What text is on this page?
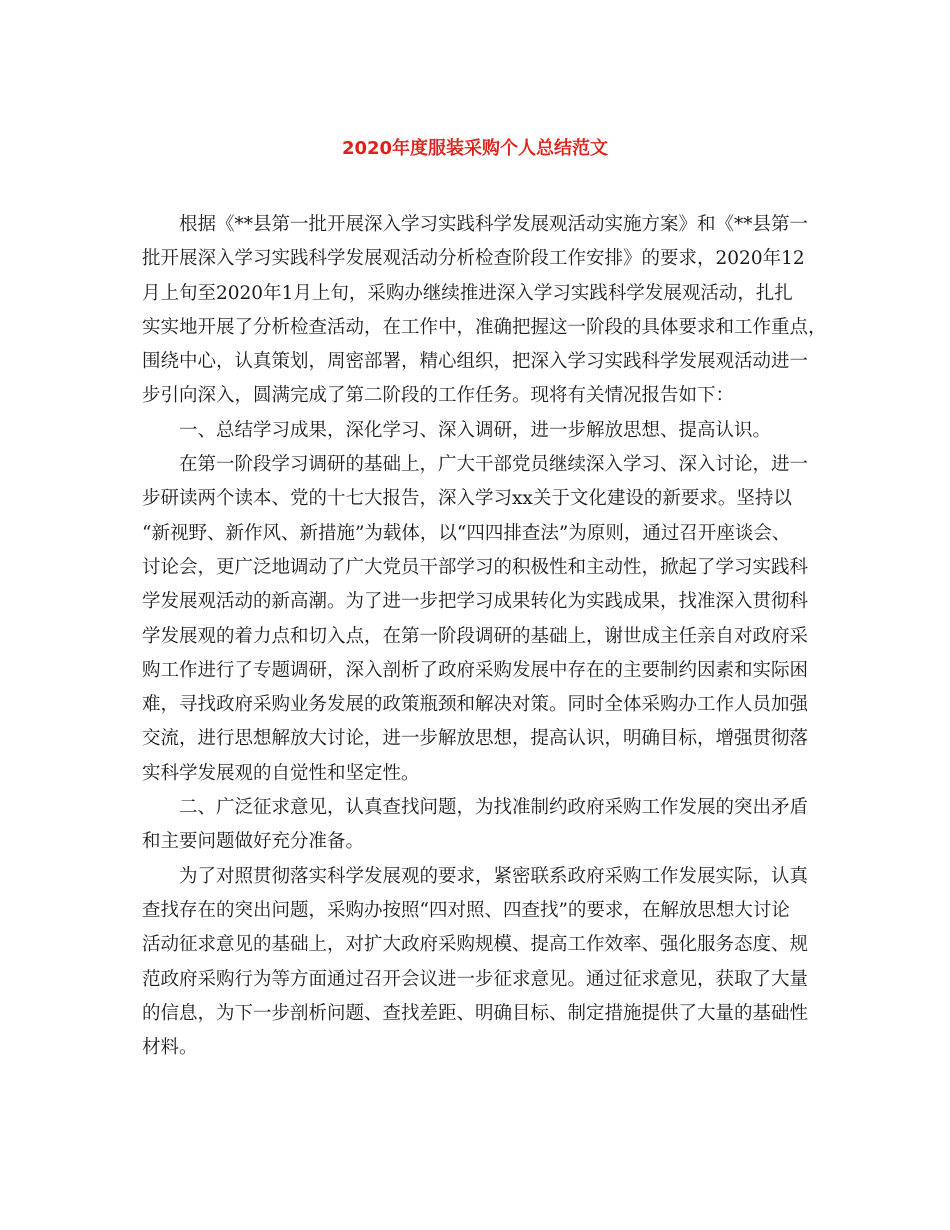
2020年度服装采购个人总结范文
根据《**县第一批开展深入学习实践科学发展观活动实施方案》和《**县第一
批开展深入学习实践科学发展观活动分析检查阶段工作安排》的要求，2020年12
月上旬至2020年1月上旬，采购办继续推进深入学习实践科学发展观活动，扎扎
实实地开展了分析检查活动，在工作中，准确把握这一阶段的具体要求和工作重点，
围绕中心，认真策划，周密部署，精心组织，把深入学习实践科学发展观活动进一
步引向深入，圆满完成了第二阶段的工作任务。现将有关情况报告如下：
一、总结学习成果，深化学习、深入调研，进一步解放思想、提高认识。
在第一阶段学习调研的基础上，广大干部党员继续深入学习、深入讨论，进一
步研读两个读本、党的十七大报告，深入学习xx关于文化建设的新要求。坚持以
“新视野、新作风、新措施”为载体，以“四四排查法”为原则，通过召开座谈会、
讨论会，更广泛地调动了广大党员干部学习的积极性和主动性，掀起了学习实践科
学发展观活动的新高潮。为了进一步把学习成果转化为实践成果，找准深入贯彻科
学发展观的着力点和切入点，在第一阶段调研的基础上，谢世成主任亲自对政府采
购工作进行了专题调研，深入剖析了政府采购发展中存在的主要制约因素和实际困
难，寻找政府采购业务发展的政策瓶颈和解决对策。同时全体采购办工作人员加强
交流，进行思想解放大讨论，进一步解放思想，提高认识，明确目标，增强贯彻落
实科学发展观的自觉性和坚定性。
二、广泛征求意见，认真查找问题，为找准制约政府采购工作发展的突出矛盾
和主要问题做好充分准备。
为了对照贯彻落实科学发展观的要求，紧密联系政府采购工作发展实际，认真
查找存在的突出问题，采购办按照“四对照、四查找”的要求，在解放思想大讨论
活动征求意见的基础上，对扩大政府采购规模、提高工作效率、强化服务态度、规
范政府采购行为等方面通过召开会议进一步征求意见。通过征求意见，获取了大量
的信息，为下一步剖析问题、查找差距、明确目标、制定措施提供了大量的基础性
材料。
